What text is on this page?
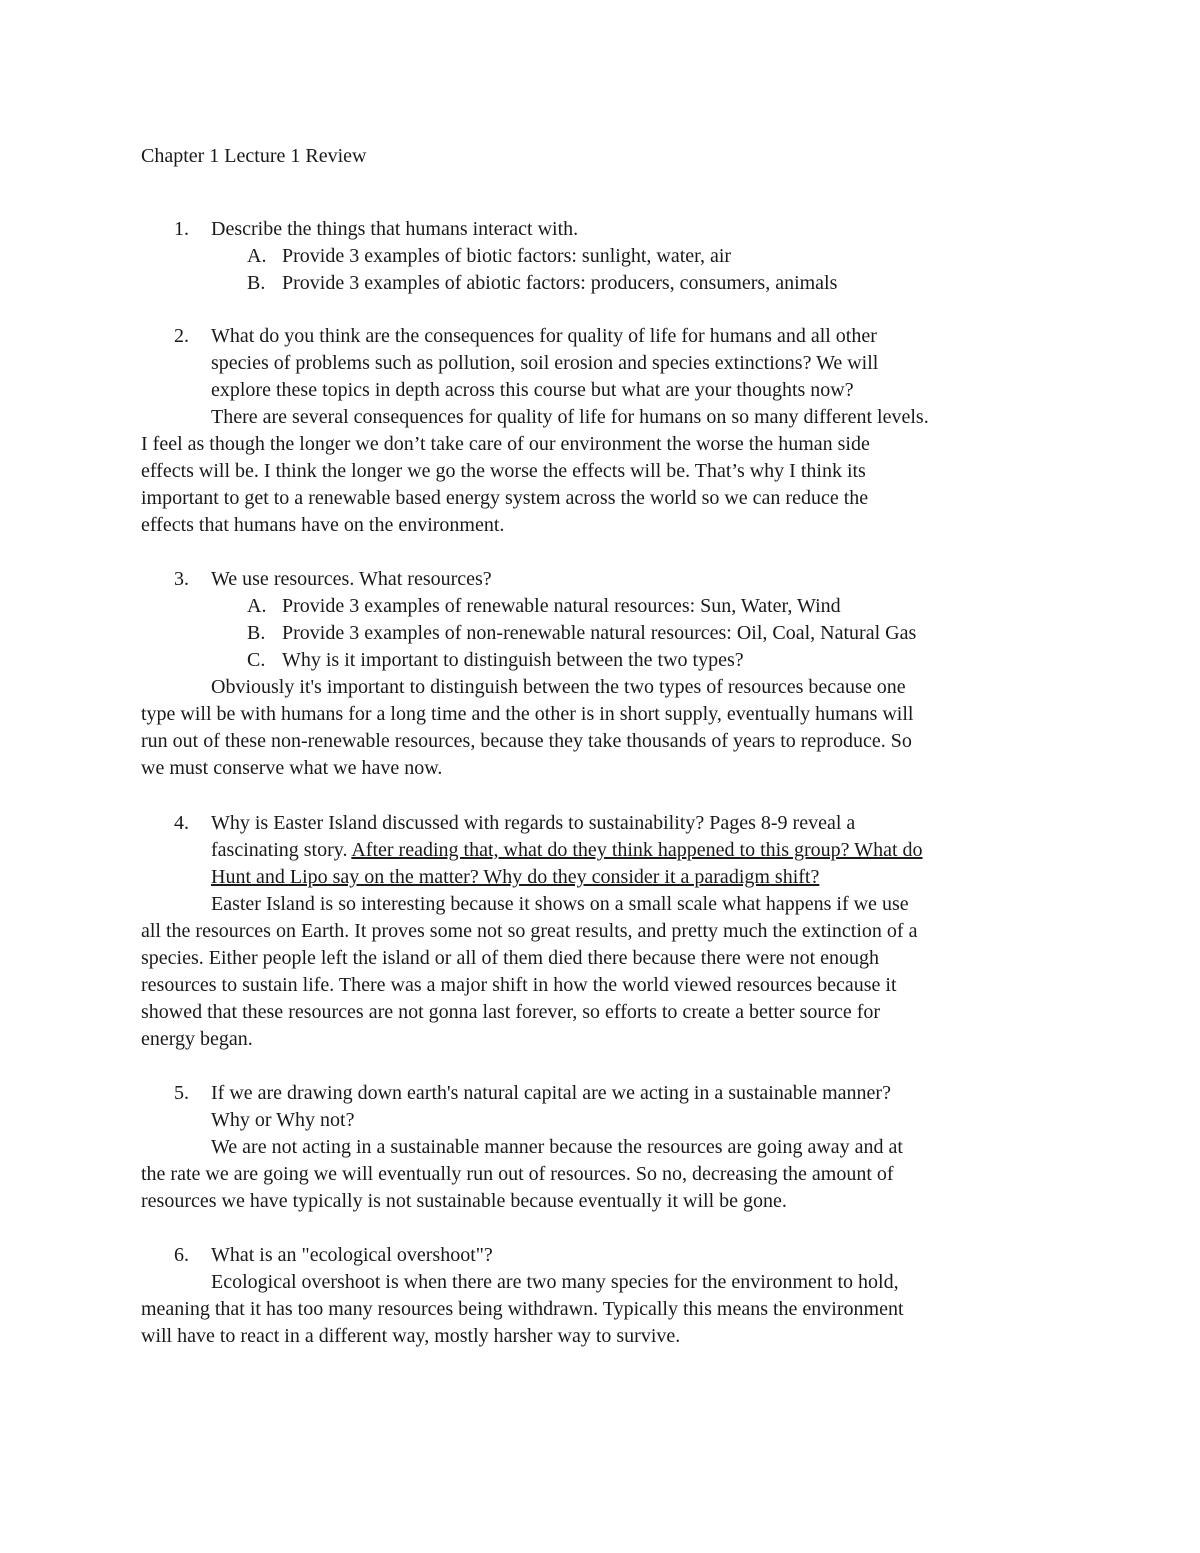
Chapter 1 Lecture 1 Review
1. Describe the things that humans interact with.
A. Provide 3 examples of biotic factors: sunlight, water, air
B. Provide 3 examples of abiotic factors: producers, consumers, animals
2. What do you think are the consequences for quality of life for humans and all other
species of problems such as pollution, soil erosion and species extinctions? We will
explore these topics in depth across this course but what are your thoughts now?
There are several consequences for quality of life for humans on so many different levels.
I feel as though the longer we don’t take care of our environment the worse the human side
effects will be. I think the longer we go the worse the effects will be. That’s why I think its
important to get to a renewable based energy system across the world so we can reduce the
effects that humans have on the environment.
3. We use resources. What resources?
A. Provide 3 examples of renewable natural resources: Sun, Water, Wind
B. Provide 3 examples of non-renewable natural resources: Oil, Coal, Natural Gas
C. Why is it important to distinguish between the two types?
Obviously it's important to distinguish between the two types of resources because one
type will be with humans for a long time and the other is in short supply, eventually humans will
run out of these non-renewable resources, because they take thousands of years to reproduce. So
we must conserve what we have now.
4. Why is Easter Island discussed with regards to sustainability? Pages 8-9 reveal a
fascinating story. After reading that, what do they think happened to this group? What do
Hunt and Lipo say on the matter? Why do they consider it a paradigm shift?
Easter Island is so interesting because it shows on a small scale what happens if we use
all the resources on Earth. It proves some not so great results, and pretty much the extinction of a
species. Either people left the island or all of them died there because there were not enough
resources to sustain life. There was a major shift in how the world viewed resources because it
showed that these resources are not gonna last forever, so efforts to create a better source for
energy began.
5. If we are drawing down earth's natural capital are we acting in a sustainable manner?
Why or Why not?
We are not acting in a sustainable manner because the resources are going away and at
the rate we are going we will eventually run out of resources. So no, decreasing the amount of
resources we have typically is not sustainable because eventually it will be gone.
6. What is an "ecological overshoot"?
Ecological overshoot is when there are two many species for the environment to hold,
meaning that it has too many resources being withdrawn. Typically this means the environment
will have to react in a different way, mostly harsher way to survive.
